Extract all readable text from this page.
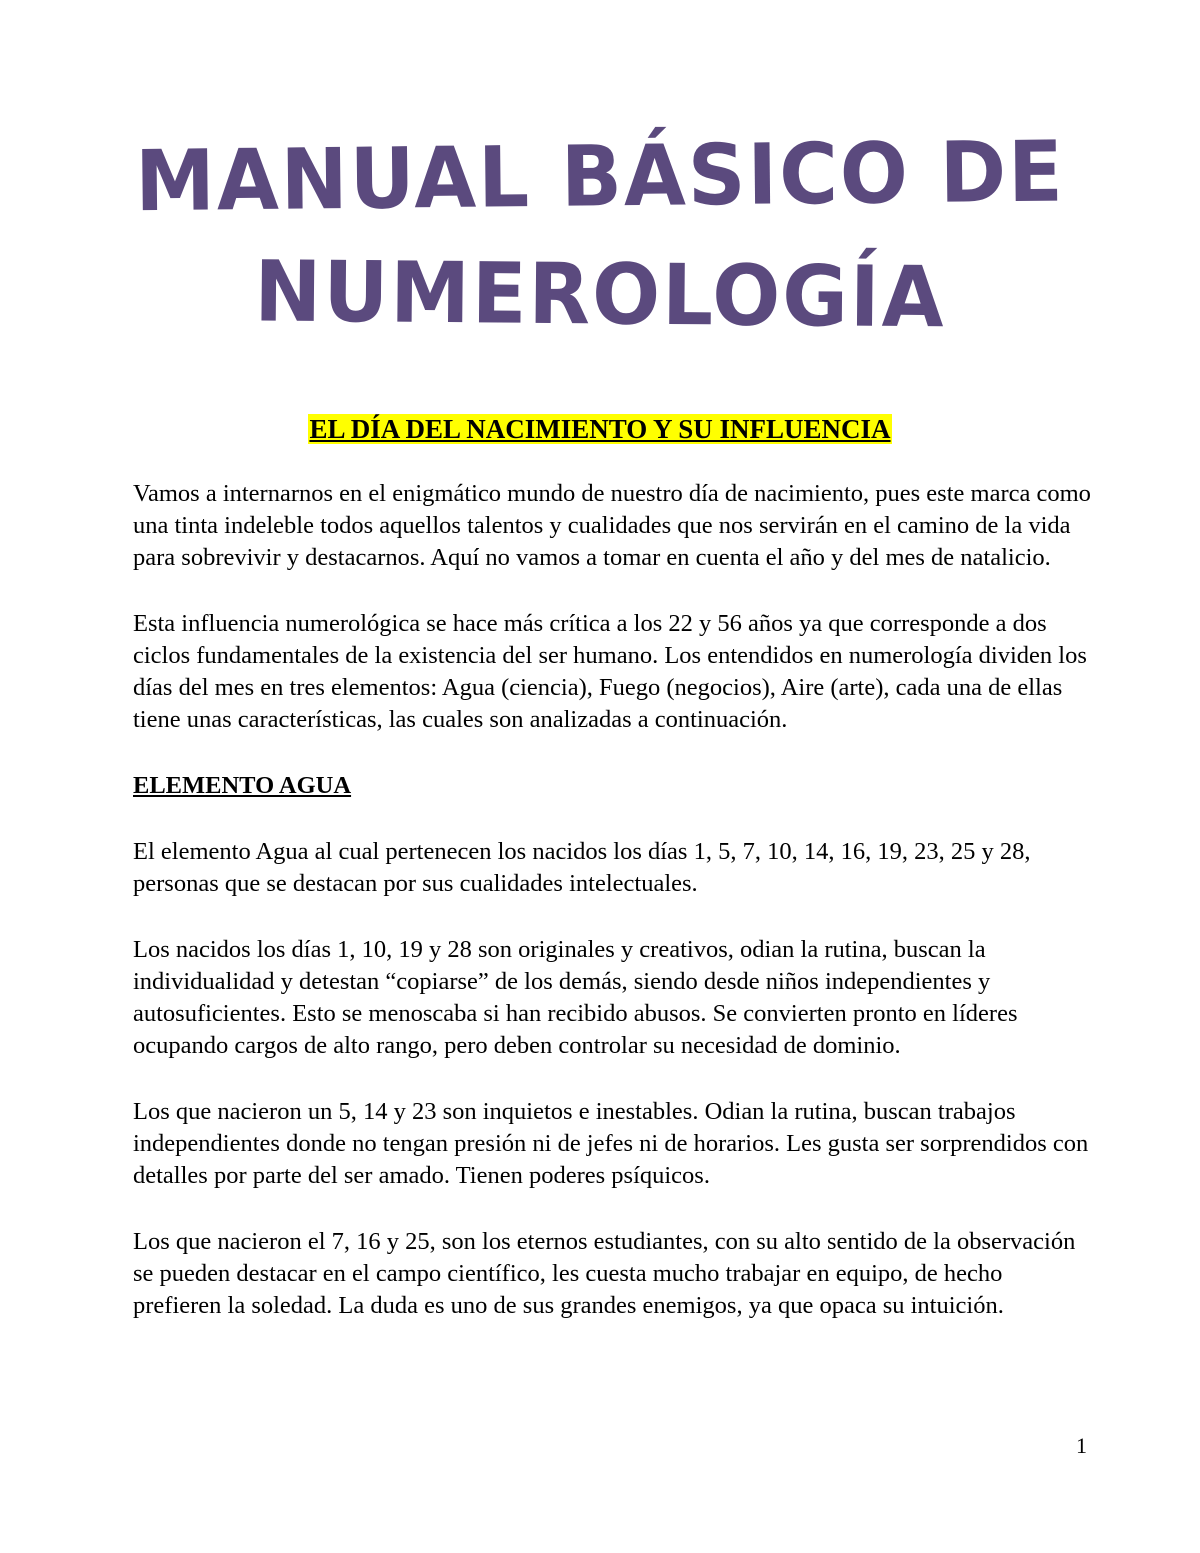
MANUAL BÁSICO DE
NUMEROLOGÍA
EL DÍA DEL NACIMIENTO Y SU INFLUENCIA

Vamos a internarnos en el enigmático mundo de nuestro día de nacimiento, pues este marca como una tinta indeleble todos aquellos talentos y cualidades que nos servirán en el camino de la vida para sobrevivir y destacarnos. Aquí no vamos a tomar en cuenta el año y del mes de natalicio.

Esta influencia numerológica se hace más crítica a los 22 y 56 años ya que corresponde a dos ciclos fundamentales de la existencia del ser humano. Los entendidos en numerología dividen los días del mes en tres elementos: Agua (ciencia), Fuego (negocios), Aire (arte), cada una de ellas tiene unas características, las cuales son analizadas a continuación.

ELEMENTO AGUA

El elemento Agua al cual pertenecen los nacidos los días 1, 5, 7, 10, 14, 16, 19, 23, 25 y 28, personas que se destacan por sus cualidades intelectuales.

Los nacidos los días 1, 10, 19 y 28 son originales y creativos, odian la rutina, buscan la individualidad y detestan “copiarse” de los demás, siendo desde niños independientes y autosuficientes. Esto se menoscaba si han recibido abusos. Se convierten pronto en líderes ocupando cargos de alto rango, pero deben controlar su necesidad de dominio.

Los que nacieron un 5, 14 y 23 son inquietos e inestables. Odian la rutina, buscan trabajos independientes donde no tengan presión ni de jefes ni de horarios. Les gusta ser sorprendidos con detalles por parte del ser amado. Tienen poderes psíquicos.

Los que nacieron el 7, 16 y 25, son los eternos estudiantes, con su alto sentido de la observación se pueden destacar en el campo científico, les cuesta mucho trabajar en equipo, de hecho prefieren la soledad. La duda es uno de sus grandes enemigos, ya que opaca su intuición.

1
